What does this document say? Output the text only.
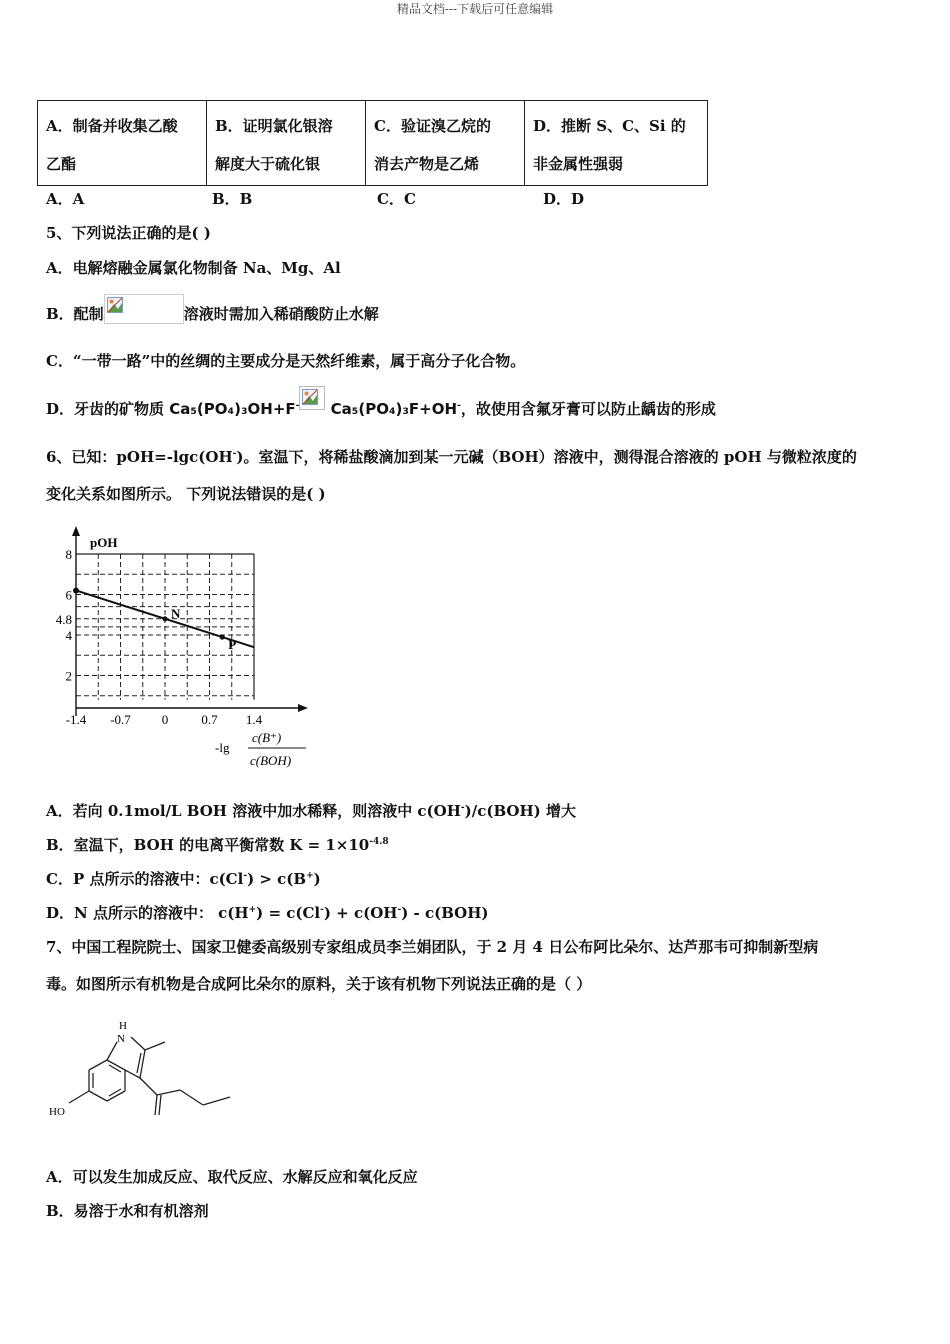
精品文档---下载后可任意编辑
A．制备并收集乙酸
乙酯

B．证明氯化银溶
解度大于硫化银

C．验证溴乙烷的
消去产物是乙烯

D．推断 S、C、Si 的
非金属性强弱
A．A	B．B	C．C	D．D
5、下列说法正确的是( )
A．电解熔融金属氯化物制备 Na、Mg、Al
B．配制	溶液时需加入稀硝酸防止水解
C．“一带一路”中的丝绸的主要成分是天然纤维素，属于高分子化合物。
D．牙齿的矿物质 Ca₅(PO₄)₃OH+F- Ca₅(PO₄)₃F+OH-，故使用含氟牙膏可以防止龋齿的形成
6、已知：pOH=-lgc(OH-)。室温下，将稀盐酸滴加到某一元碱（BOH）溶液中，测得混合溶液的 pOH 与微粒浓度的
变化关系如图所示。 下列说法错误的是( )
pOH
-lg
c(B⁺)
c(BOH)
-1.4 -0.7 0	0.7 1.4
8
6
4.8
4
2
N
P
A．若向 0.1mol/L BOH 溶液中加水稀释，则溶液中 c(OH-)/c(BOH) 增大
B．室温下，BOH 的电离平衡常数 $K = 1\times 10^{-4.8}$
C．P 点所示的溶液中：c(Cl-) > c(B+)
D．N 点所示的溶液中： c(H+) = c(Cl-) + c(OH-) - c(BOH)
7、中国工程院院士、国家卫健委高级别专家组成员李兰娟团队，于 2 月 4 日公布阿比朵尔、达芦那韦可抑制新型病
毒。如图所示有机物是合成阿比朵尔的原料，关于该有机物下列说法正确的是（ ）
H
N
HO
A．可以发生加成反应、取代反应、水解反应和氧化反应
B．易溶于水和有机溶剂
